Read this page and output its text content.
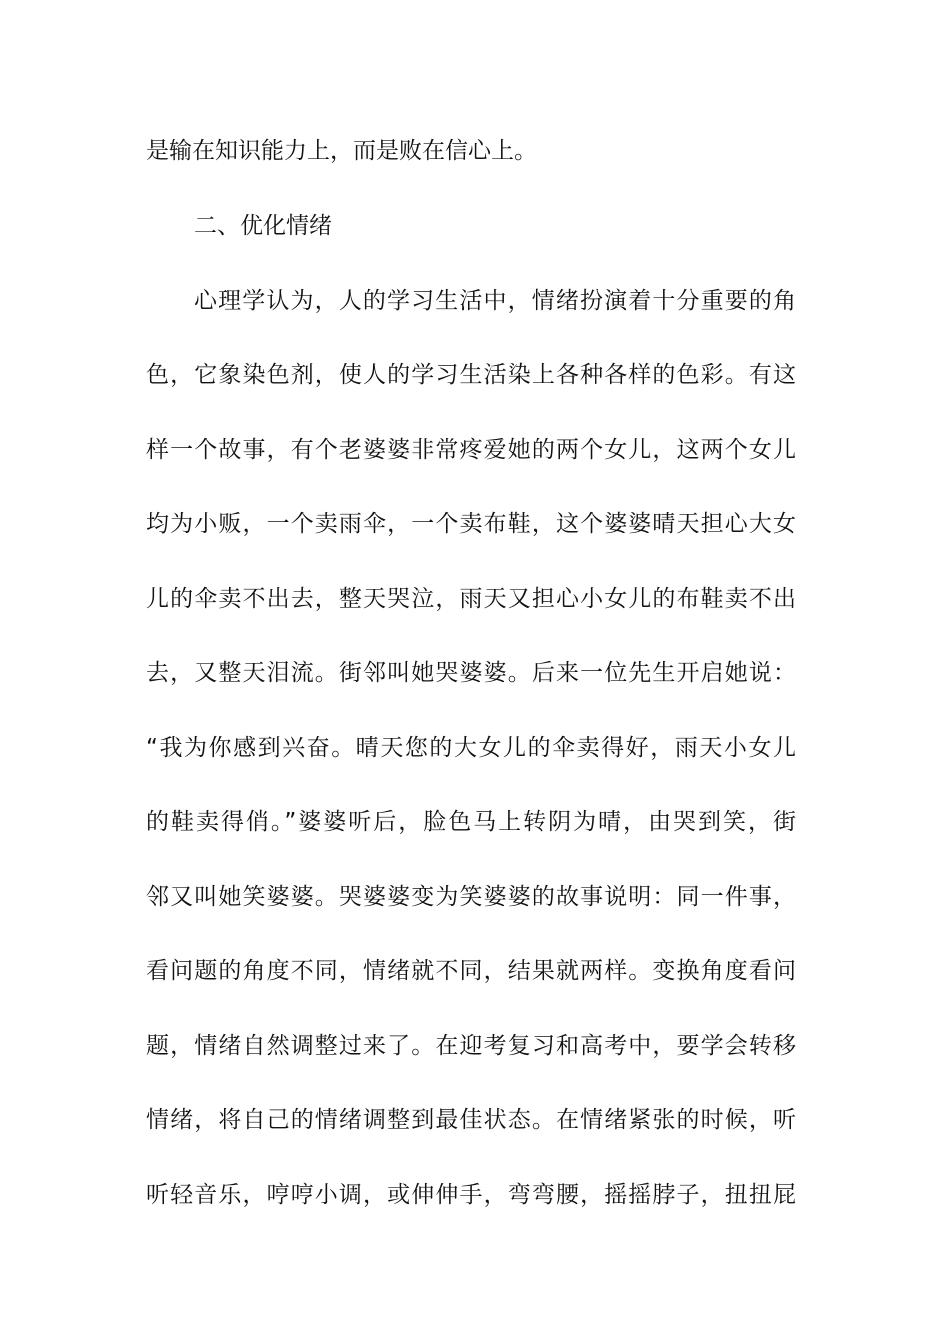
是输在知识能力上，而是败在信心上。
二、优化情绪
心理学认为，人的学习生活中，情绪扮演着十分重要的角
色，它象染色剂，使人的学习生活染上各种各样的色彩。有这
样一个故事，有个老婆婆非常疼爱她的两个女儿，这两个女儿
均为小贩，一个卖雨伞，一个卖布鞋，这个婆婆晴天担心大女
儿的伞卖不出去，整天哭泣，雨天又担心小女儿的布鞋卖不出
去，又整天泪流。街邻叫她哭婆婆。后来一位先生开启她说：
“我为你感到兴奋。晴天您的大女儿的伞卖得好，雨天小女儿
的鞋卖得俏。”婆婆听后，脸色马上转阴为晴，由哭到笑，街
邻又叫她笑婆婆。哭婆婆变为笑婆婆的故事说明：同一件事，
看问题的角度不同，情绪就不同，结果就两样。变换角度看问
题，情绪自然调整过来了。在迎考复习和高考中，要学会转移
情绪，将自己的情绪调整到最佳状态。在情绪紧张的时候，听
听轻音乐，哼哼小调，或伸伸手，弯弯腰，摇摇脖子，扭扭屁
